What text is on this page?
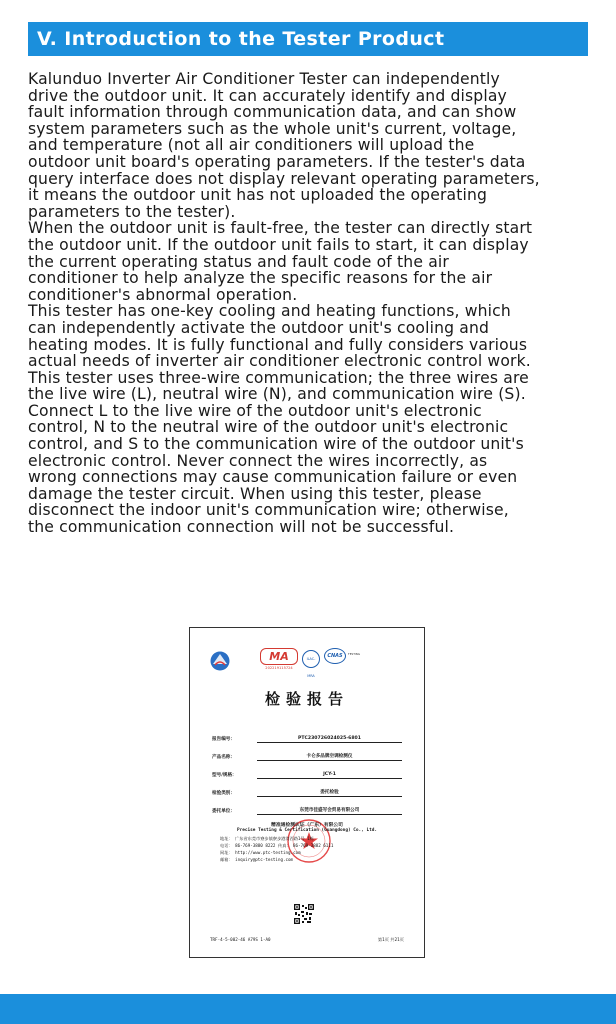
V. Introduction to the Tester Product

Kalunduo Inverter Air Conditioner Tester can independently

drive the outdoor unit. It can accurately identify and display

fault information through communication data, and can show

system parameters such as the whole unit's current, voltage,

and temperature (not all air conditioners will upload the

outdoor unit board's operating parameters. If the tester's data

query interface does not display relevant operating parameters,

it means the outdoor unit has not uploaded the operating

parameters to the tester).

When the outdoor unit is fault-free, the tester can directly start

the outdoor unit. If the outdoor unit fails to start, it can display

the current operating status and fault code of the air

conditioner to help analyze the specific reasons for the air

conditioner's abnormal operation.

This tester has one-key cooling and heating functions, which

can independently activate the outdoor unit's cooling and

heating modes. It is fully functional and fully considers various

actual needs of inverter air conditioner electronic control work.

This tester uses three-wire communication; the three wires are

the live wire (L), neutral wire (N), and communication wire (S).

Connect L to the live wire of the outdoor unit's electronic

control, N to the neutral wire of the outdoor unit's electronic

control, and S to the communication wire of the outdoor unit's

electronic control. Never connect the wires incorrectly, as

wrong connections may cause communication failure or even

damage the tester circuit. When using this tester, please

disconnect the indoor unit's communication wire; otherwise,

the communication connection will not be successful.

MA
202219115724
ILAC-MRA
CNAS	TESTING
检验报告
报告编号：	PTC230726024025-6801
产品名称：	卡仑多品牌空调检测仪
型号/规格：	JCY-1
检验类别：	委托检验
委托单位：	东莞市佳盛写会贸易有限公司
精准通检测认证（广东）有限公司
Precise Testing & Certification (Guangdong) Co., Ltd.
地址： 广东省东莞市寮步镇寮步港湾西路1号 1栋
电话： 86-769-3880 8222 传真： 86-769-3882 6111
网址： http://www.ptc-testing.com
邮箱： inquiry@ptc-testing.com
TRF-4-5-002-46 A79S 1-A0	第1页 共21页
